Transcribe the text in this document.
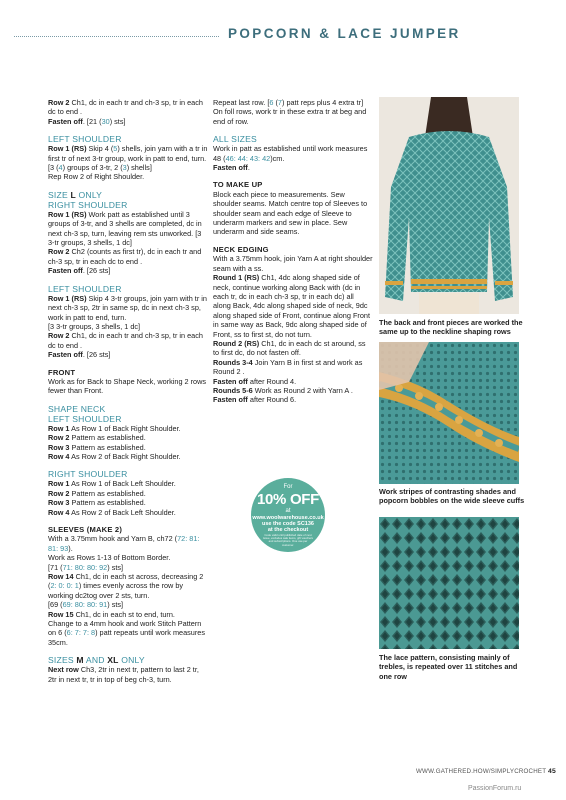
POPCORN & LACE JUMPER

Row 2 Ch1, dc in each tr and ch-3 sp, tr in each dc to end .

Fasten off. [21 (30) sts]

LEFT SHOULDER

Row 1 (RS) Skip 4 (5) shells, join yarn with a tr in first tr of next 3-tr group, work in patt to end, turn. [3 (4) groups of 3-tr, 2 (3) shells]

Rep Row 2 of Right Shoulder.

SIZE L ONLY

RIGHT SHOULDER

Row 1 (RS) Work patt as established until 3 groups of 3-tr, and 3 shells are completed, dc in next ch-3 sp, turn, leaving rem sts unworked. [3 3-tr groups, 3 shells, 1 dc]

Row 2 Ch2 (counts as first tr), dc in each tr and ch-3 sp, tr in each dc to end .

Fasten off. [26 sts]

LEFT SHOULDER

Row 1 (RS) Skip 4 3-tr groups, join yarn with tr in next ch-3 sp, 2tr in same sp, dc in next ch-3 sp, work in patt to end, turn.

[3 3-tr groups, 3 shells, 1 dc]

Row 2 Ch1, dc in each tr and ch-3 sp, tr in each dc to end .

Fasten off. [26 sts]

FRONT

Work as for Back to Shape Neck, working 2 rows fewer than Front.

SHAPE NECK

LEFT SHOULDER

Row 1 As Row 1 of Back Right Shoulder.

Row 2 Pattern as established.

Row 3 Pattern as established.

Row 4 As Row 2 of Back Right Shoulder.

RIGHT SHOULDER

Row 1 As Row 1 of Back Left Shoulder.

Row 2 Pattern as established.

Row 3 Pattern as established.

Row 4 As Row 2 of Back Left Shoulder.

SLEEVES (MAKE 2)

With a 3.75mm hook and Yarn B, ch72 (72: 81: 81: 93).

Work as Rows 1-13 of Bottom Border.

[71 (71: 80: 80: 92) sts]

Row 14 Ch1, dc in each st across, decreasing 2 (2: 0: 0: 1) times evenly across the row by working dc2tog over 2 sts, turn.

[69 (69: 80: 80: 91) sts]

Row 15 Ch1, dc in each st to end, turn.

Change to a 4mm hook and work Stitch Pattern on 6 (6: 7: 7: 8) patt repeats until work measures 35cm.

SIZES M AND XL ONLY

Next row Ch3, 2tr in next tr, pattern to last 2 tr, 2tr in next tr, tr in top of beg ch-3, turn.

Repeat last row. [6 (7) patt reps plus 4 extra tr]

On foll rows, work tr in these extra tr at beg and end of row.

ALL SIZES

Work in patt as established until work measures 48 (46: 44: 43: 42)cm.

Fasten off.

TO MAKE UP

Block each piece to measurements. Sew shoulder seams. Match centre top of Sleeves to shoulder seam and each edge of Sleeve to underarm markers and sew in place. Sew underarm and side seams.

NECK EDGING

With a 3.75mm hook, join Yarn A at right shoulder seam with a ss.

Round 1 (RS) Ch1, 4dc along shaped side of neck, continue working along Back with (dc in each tr, dc in each ch-3 sp, tr in each dc) all along Back, 4dc along shaped side of neck, 9dc along shaped side of Front, continue along Front in same way as Back, 9dc along shaped side of Front, ss to first st, do not turn.

Round 2 (RS) Ch1, dc in each dc st around, ss to first dc, do not fasten off.

Rounds 3-4 Join Yarn B in first st and work as Round 2 .

Fasten off after Round 4.

Rounds 5-6 Work as Round 2 with Yarn A .

Fasten off after Round 6.

For
10% OFF
at
www.woolwarehouse.co.uk
use the code SC136
at the checkout
Code valid until published date of next issue, excludes sale items, gift vouchers and subscriptions. One use per customer.
The back and front pieces are worked the same up to the neckline shaping rows
Work stripes of contrasting shades and popcorn bobbles on the wide sleeve cuffs
The lace pattern, consisting mainly of trebles, is repeated over 11 stitches and one row
WWW.GATHERED.HOW/SIMPLYCROCHET 45
PassionForum.ru
